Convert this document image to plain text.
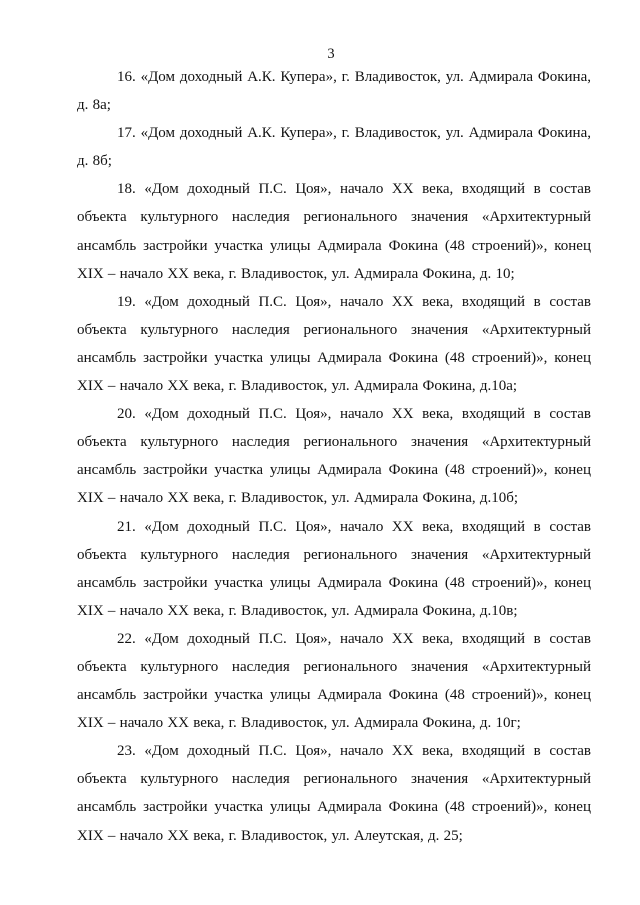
3

16. «Дом доходный А.К. Купера», г. Владивосток, ул. Адмирала Фокина, д. 8а;

17. «Дом доходный А.К. Купера», г. Владивосток, ул. Адмирала Фокина, д. 8б;

18. «Дом доходный П.С. Цоя», начало XX века, входящий в состав объекта культурного наследия регионального значения «Архитектурный ансамбль застройки участка улицы Адмирала Фокина (48 строений)», конец XIX – начало XX века, г. Владивосток, ул. Адмирала Фокина, д. 10;

19. «Дом доходный П.С. Цоя», начало XX века, входящий в состав объекта культурного наследия регионального значения «Архитектурный ансамбль застройки участка улицы Адмирала Фокина (48 строений)», конец XIX – начало XX века, г. Владивосток, ул. Адмирала Фокина, д.10а;

20. «Дом доходный П.С. Цоя», начало XX века, входящий в состав объекта культурного наследия регионального значения «Архитектурный ансамбль застройки участка улицы Адмирала Фокина (48 строений)», конец XIX – начало XX века, г. Владивосток, ул. Адмирала Фокина, д.10б;

21. «Дом доходный П.С. Цоя», начало XX века, входящий в состав объекта культурного наследия регионального значения «Архитектурный ансамбль застройки участка улицы Адмирала Фокина (48 строений)», конец XIX – начало XX века, г. Владивосток, ул. Адмирала Фокина, д.10в;

22. «Дом доходный П.С. Цоя», начало XX века, входящий в состав объекта культурного наследия регионального значения «Архитектурный ансамбль застройки участка улицы Адмирала Фокина (48 строений)», конец XIX – начало XX века, г. Владивосток, ул. Адмирала Фокина, д. 10г;

23. «Дом доходный П.С. Цоя», начало XX века, входящий в состав объекта культурного наследия регионального значения «Архитектурный ансамбль застройки участка улицы Адмирала Фокина (48 строений)», конец XIX – начало XX века, г. Владивосток, ул. Алеутская, д. 25;
